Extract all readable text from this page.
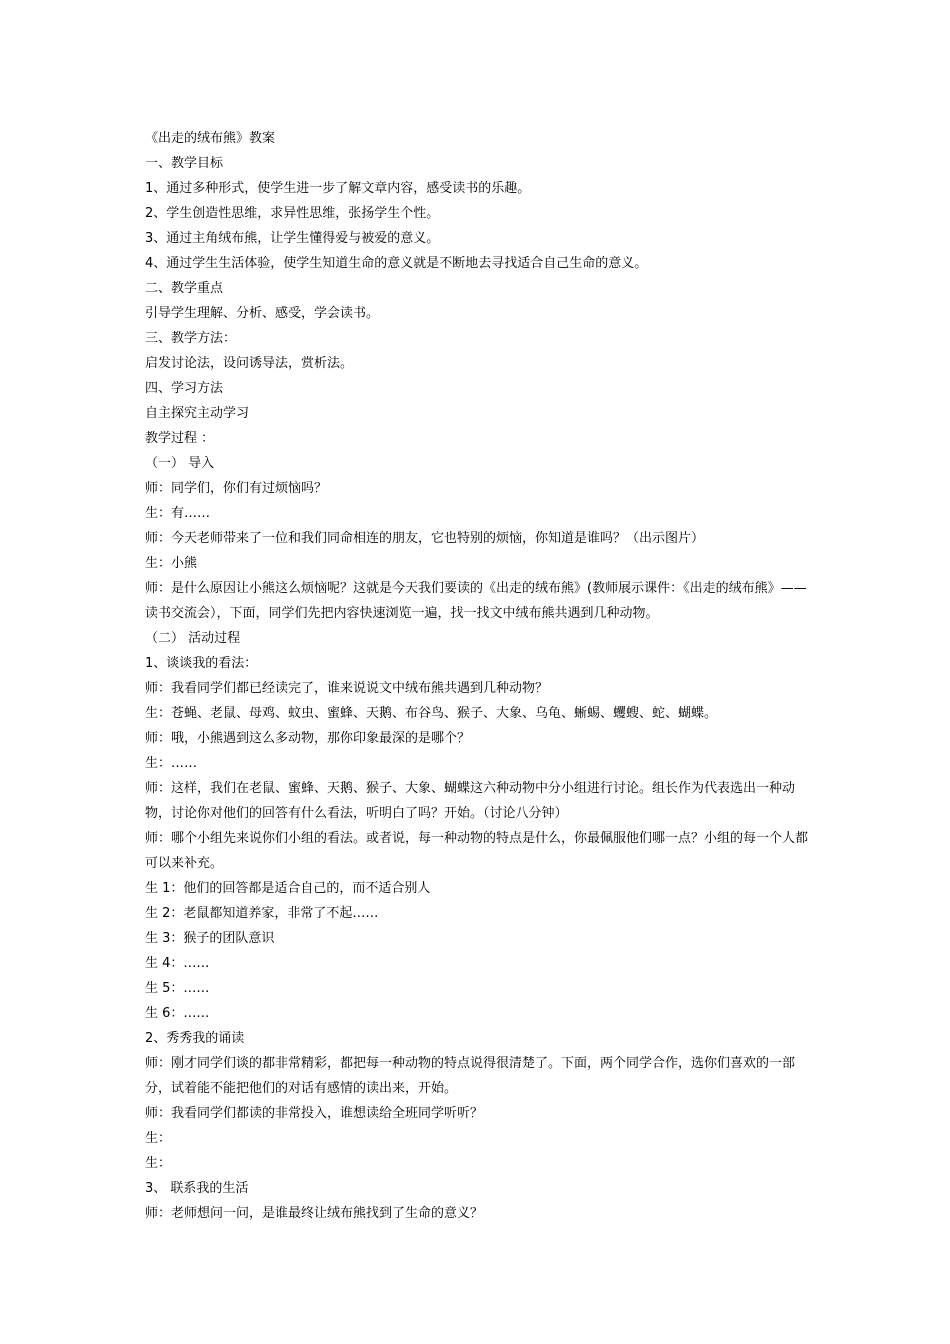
《出走的绒布熊》教案
一、教学目标
1、通过多种形式，使学生进一步了解文章内容，感受读书的乐趣。
2、学生创造性思维，求异性思维，张扬学生个性。
3、通过主角绒布熊，让学生懂得爱与被爱的意义。
4、通过学生生活体验，使学生知道生命的意义就是不断地去寻找适合自己生命的意义。
二、教学重点
引导学生理解、分析、感受，学会读书。
三、教学方法：
启发讨论法，设问诱导法，赏析法。
四、学习方法
自主探究主动学习
教学过程 ：
（一） 导入
师：同学们，你们有过烦恼吗？
生：有……
师：今天老师带来了一位和我们同命相连的朋友，它也特别的烦恼，你知道是谁吗？（出示图片）
生：小熊
师：是什么原因让小熊这么烦恼呢？这就是今天我们要读的《出走的绒布熊》(教师展示课件：《出走的绒布熊》——读书交流会），下面，同学们先把内容快速浏览一遍，找一找文中绒布熊共遇到几种动物。
（二） 活动过程
1、谈谈我的看法：
师：我看同学们都已经读完了，谁来说说文中绒布熊共遇到几种动物？
生：苍蝇、老鼠、母鸡、蚊虫、蜜蜂、天鹅、布谷鸟、猴子、大象、乌龟、蜥蜴、蠼螋、蛇、蝴蝶。
师：哦，小熊遇到这么多动物，那你印象最深的是哪个？
生：……
师：这样，我们在老鼠、蜜蜂、天鹅、猴子、大象、蝴蝶这六种动物中分小组进行讨论。组长作为代表选出一种动物，讨论你对他们的回答有什么看法，听明白了吗？开始。（讨论八分钟）
师：哪个小组先来说你们小组的看法。或者说，每一种动物的特点是什么，你最佩服他们哪一点？小组的每一个人都可以来补充。
生 1：他们的回答都是适合自己的，而不适合别人
生 2：老鼠都知道养家，非常了不起……
生 3：猴子的团队意识
生 4：……
生 5：……
生 6：……
2、秀秀我的诵读
师：刚才同学们谈的都非常精彩，都把每一种动物的特点说得很清楚了。下面，两个同学合作，选你们喜欢的一部分，试着能不能把他们的对话有感情的读出来，开始。
师：我看同学们都读的非常投入，谁想读给全班同学听听？
生：
生：
3、 联系我的生活
师：老师想问一问，是谁最终让绒布熊找到了生命的意义？
